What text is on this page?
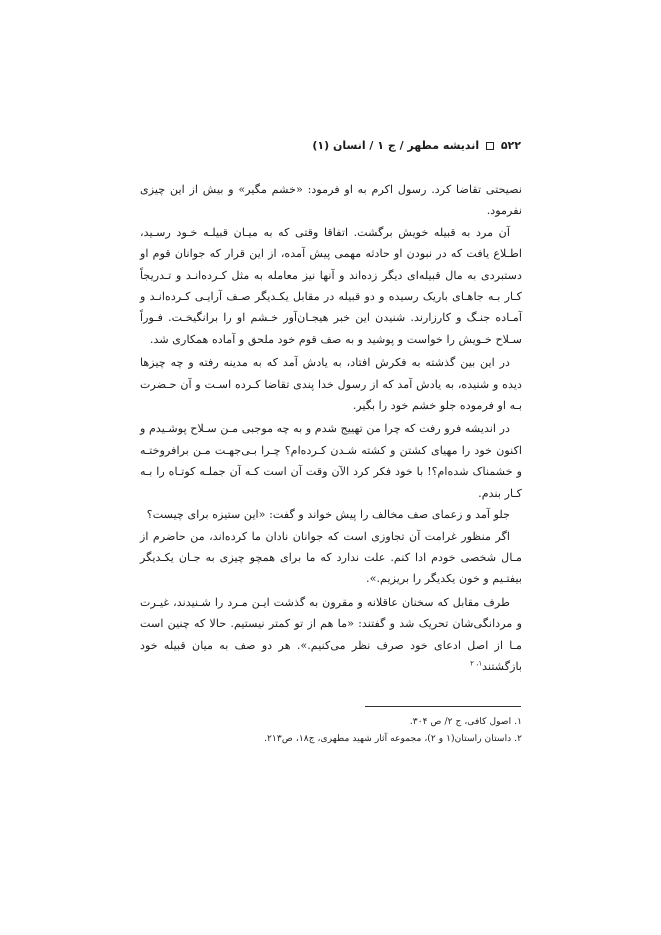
۵۲۲  اندیشه مطهر / ج ۱ / انسان (۱)

نصیحتی تقاضا کرد. رسول اکرم به او فرمود: «خشم مگیر» و بیش از این چیزی نفرمود.

آن مرد به قبیله خویش برگشت. اتفاقا وقتی که به میـان قبیلـه خـود رسـید، اطـلاع یافت که در نبودن او حادثه مهمی پیش آمده، از این قرار که جوانان قوم او دستبردی به مال قبیله‌ای دیگر زده‌اند و آنها نیز معامله به مثل کـرده‌انـد و تـدریجاً کـار بـه جاهـای باریک رسیده و دو قبیله در مقابل یکـدیگر صـف آرایـی کـرده‌انـد و آمـاده جنـگ و کارزارند. شنیدن این خبر هیجـان‌آور خـشم او را برانگیخـت. فـوراً سـلاح خـویش را خواست و پوشید و به صف قوم خود ملحق و آماده همکاری شد.

در این بین گذشته به فکرش افتاد، به یادش آمد که به مدینه رفته و چه چیزها دیده و شنیده، به یادش آمد که از رسول خدا پندی تقاضا کـرده اسـت و آن حـضرت بـه او فرموده جلو خشم خود را بگیر.

در اندیشه فرو رفت که چرا من تهییج شدم و به چه موجبی مـن سـلاح پوشـیدم و اکنون خود را مهیای کشتن و کشته شـدن کـرده‌ام؟ چـرا بـی‌جهـت مـن برافروختـه و خشمناک شده‌ام؟! با خود فکر کرد الآن وقت آن است کـه آن جملـه کوتـاه را بـه کـار بندم.

جلو آمد و زعمای صف مخالف را پیش خواند و گفت: «این ستیزه برای چیست؟

اگر منظور غرامت آن تجاوزی است که جوانان نادان ما کرده‌اند، من حاضرم از مـال شخصی خودم ادا کنم. علت ندارد که ما برای همچو چیزی به جـان یکـدیگر بیفتـیم و خون یکدیگر را بریزیم.».

طرف مقابل که سخنان عاقلانه و مقرون به گذشت ایـن مـرد را شـنیدند، غیـرت و مردانگی‌شان تحریک شد و گفتند: «ما هم از تو کمتر نیستیم. حالا که چنین است مـا از اصل ادعای خود صرف نظر می‌کنیم.». هر دو صف به میان قبیله خود بازگشتند$^{۱، ۲}$

۱. اصول کافی، ج ۲/ ص ۳۰۴.
۲. داستان راستان(۱ و ۲)، مجموعه آثار شهید مطهری، ج۱۸، ص۲۱۳.
